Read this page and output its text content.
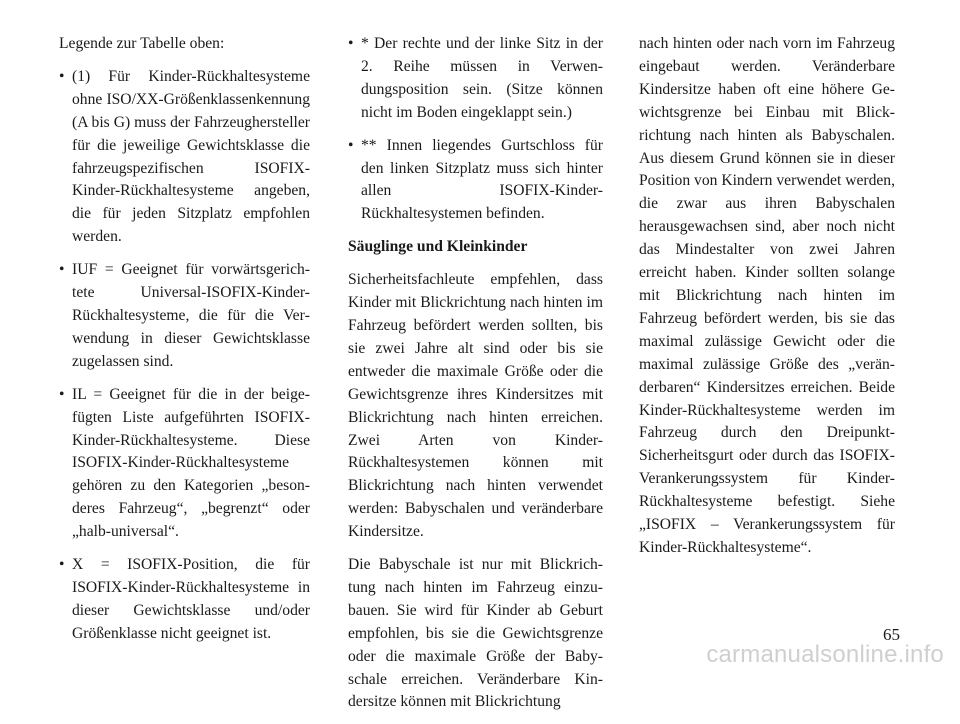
Legende zur Tabelle oben:

• (1) Für Kinder-Rückhaltesysteme ohne ISO/XX-Größenklassenkennung (A bis G) muss der Fahrzeughersteller für die jeweilige Gewichtsklasse die fahrzeugspezifischen ISOFIX-Kinder-Rückhaltesysteme angeben, die für jeden Sitzplatz empfohlen werden.
• IUF = Geeignet für vorwärtsgerichtete Universal-ISOFIX-Kinder-Rückhaltesysteme, die für die Verwendung in dieser Gewichtsklasse zugelassen sind.
• IL = Geeignet für die in der beigefügten Liste aufgeführten ISOFIX-Kinder-Rückhaltesysteme. Diese ISOFIX-Kinder-Rückhaltesysteme gehören zu den Kategorien „besonderes Fahrzeug“, „begrenzt“ oder „halb-universal“.
• X = ISOFIX-Position, die für ISOFIX-Kinder-Rückhaltesysteme in dieser Gewichtsklasse und/oder Größenklasse nicht geeignet ist.
• * Der rechte und der linke Sitz in der 2. Reihe müssen in Verwendungsposition sein. (Sitze können nicht im Boden eingeklappt sein.)
• ** Innen liegendes Gurtschloss für den linken Sitzplatz muss sich hinter allen ISOFIX-Kinder-Rückhaltesystemen befinden.
Säuglinge und Kleinkinder

Sicherheitsfachleute empfehlen, dass Kinder mit Blickrichtung nach hinten im Fahrzeug befördert werden sollten, bis sie zwei Jahre alt sind oder bis sie entweder die maximale Größe oder die Gewichtsgrenze ihres Kindersitzes mit Blickrichtung nach hinten erreichen. Zwei Arten von Kinder-Rückhaltesystemen können mit Blickrichtung nach hinten verwendet werden: Babyschalen und veränderbare Kindersitze.

Die Babyschale ist nur mit Blickrichtung nach hinten im Fahrzeug einzubauen. Sie wird für Kinder ab Geburt empfohlen, bis sie die Gewichtsgrenze oder die maximale Größe der Babyschale erreichen. Veränderbare Kindersitze können mit Blickrichtung

nach hinten oder nach vorn im Fahrzeug eingebaut werden. Veränderbare Kindersitze haben oft eine höhere Gewichtsgrenze bei Einbau mit Blickrichtung nach hinten als Babyschalen. Aus diesem Grund können sie in dieser Position von Kindern verwendet werden, die zwar aus ihren Babyschalen herausgewachsen sind, aber noch nicht das Mindestalter von zwei Jahren erreicht haben. Kinder sollten solange mit Blickrichtung nach hinten im Fahrzeug befördert werden, bis sie das maximal zulässige Gewicht oder die maximal zulässige Größe des „veränderbaren“ Kindersitzes erreichen. Beide Kinder-Rückhaltesysteme werden im Fahrzeug durch den Dreipunkt-Sicherheitsgurt oder durch das ISOFIX-Verankerungssystem für Kinder-Rückhaltesysteme befestigt. Siehe „ISOFIX – Verankerungssystem für Kinder-Rückhaltesysteme“.

65
carmanualsonline.info
